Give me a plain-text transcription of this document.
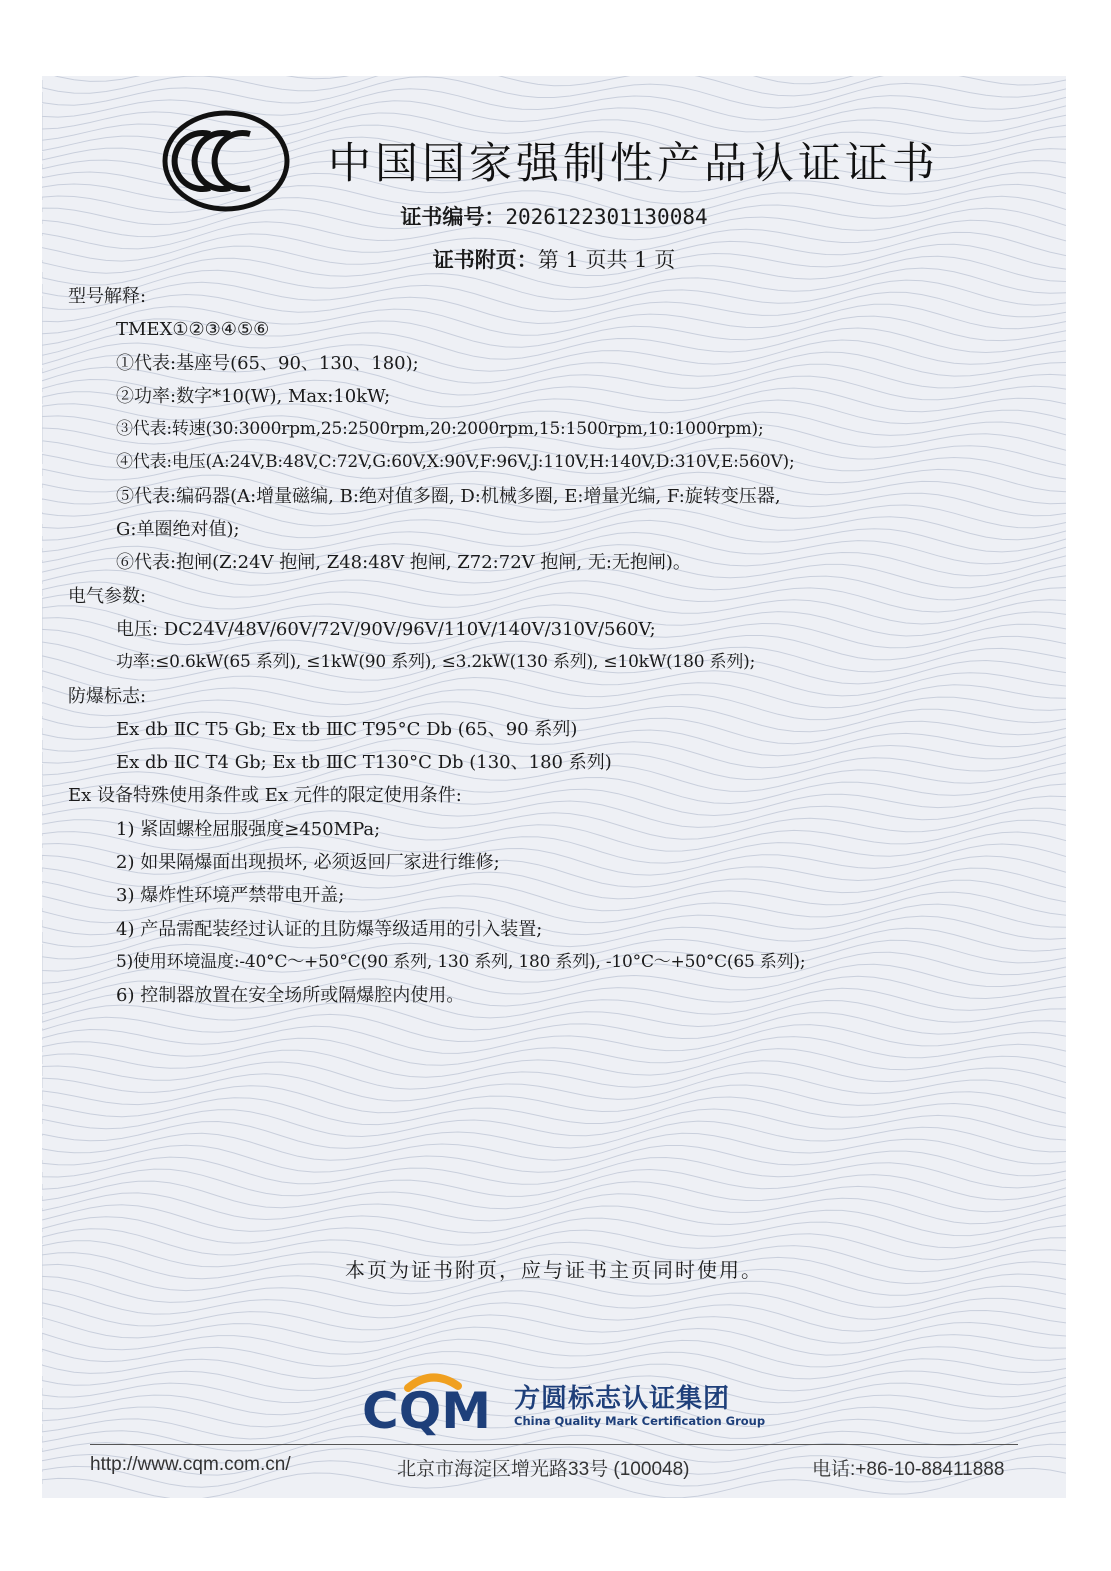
中国国家强制性产品认证证书
证书编号：2026122301130084
证书附页：第 1 页共 1 页
型号解释:
TMEX①②③④⑤⑥
①代表:基座号(65、90、130、180);
②功率:数字*10(W), Max:10kW;
③代表:转速(30:3000rpm,25:2500rpm,20:2000rpm,15:1500rpm,10:1000rpm);
④代表:电压(A:24V,B:48V,C:72V,G:60V,X:90V,F:96V,J:110V,H:140V,D:310V,E:560V);
⑤代表:编码器(A:增量磁编, B:绝对值多圈, D:机械多圈, E:增量光编, F:旋转变压器,
G:单圈绝对值);
⑥代表:抱闸(Z:24V 抱闸, Z48:48V 抱闸, Z72:72V 抱闸, 无:无抱闸)。
电气参数:
电压: DC24V/48V/60V/72V/90V/96V/110V/140V/310V/560V;
功率:≤0.6kW(65 系列), ≤1kW(90 系列), ≤3.2kW(130 系列), ≤10kW(180 系列);
防爆标志:
Ex db ⅡC T5 Gb; Ex tb ⅢC T95°C Db (65、90 系列)
Ex db ⅡC T4 Gb; Ex tb ⅢC T130°C Db (130、180 系列)
Ex 设备特殊使用条件或 Ex 元件的限定使用条件:
1) 紧固螺栓屈服强度≥450MPa;
2) 如果隔爆面出现损坏, 必须返回厂家进行维修;
3) 爆炸性环境严禁带电开盖;
4) 产品需配装经过认证的且防爆等级适用的引入装置;
5)使用环境温度:-40°C～+50°C(90 系列, 130 系列, 180 系列), -10°C～+50°C(65 系列);
6) 控制器放置在安全场所或隔爆腔内使用。
本页为证书附页，应与证书主页同时使用。
CQM 方圆标志认证集团
China Quality Mark Certification Group
http://www.cqm.com.cn/	北京市海淀区增光路33号 (100048)	电话:+86-10-88411888
